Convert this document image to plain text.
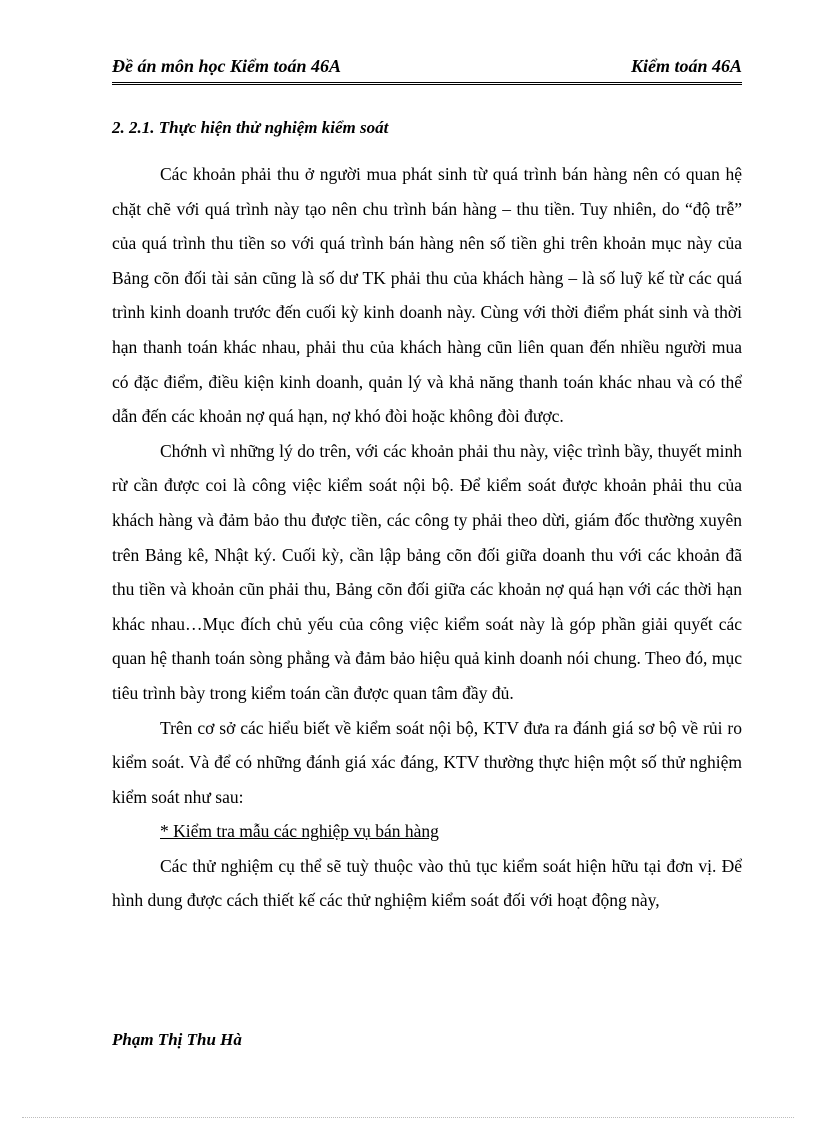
Đề án môn học Kiểm toán 46A	Kiểm toán 46A
2. 2.1. Thực hiện thử nghiệm kiểm soát

Các khoản phải thu ở người mua phát sinh từ quá trình bán hàng nên có quan hệ chặt chẽ với quá trình này tạo nên chu trình bán hàng – thu tiền. Tuy nhiên, do “độ trễ” của quá trình thu tiền so với quá trình bán hàng nên số tiền ghi trên khoản mục này của Bảng cõn đối tài sản cũng là số dư TK phải thu của khách hàng – là số luỹ kế từ các quá trình kinh doanh trước đến cuối kỳ kinh doanh này. Cùng với thời điểm phát sinh và thời hạn thanh toán khác nhau, phải thu của khách hàng cũn liên quan đến nhiều người mua có đặc điểm, điều kiện kinh doanh, quản lý và khả năng thanh toán khác nhau và có thể dẫn đến các khoản nợ quá hạn, nợ khó đòi hoặc không đòi được.

Chớnh vì những lý do trên, với các khoản phải thu này, việc trình bầy, thuyết minh rừ cần được coi là công việc kiểm soát nội bộ. Để kiểm soát được khoản phải thu của khách hàng và đảm bảo thu được tiền, các công ty phải theo dừi, giám đốc thường xuyên trên Bảng kê, Nhật ký. Cuối kỳ, cần lập bảng cõn đối giữa doanh thu với các khoản đã thu tiền và khoản cũn phải thu, Bảng cõn đối giữa các khoản nợ quá hạn với các thời hạn khác nhau…Mục đích chủ yếu của công việc kiểm soát này là góp phần giải quyết các quan hệ thanh toán sòng phẳng và đảm bảo hiệu quả kinh doanh nói chung. Theo đó, mục tiêu trình bày trong kiểm toán cần được quan tâm đầy đủ.

Trên cơ sở các hiểu biết về kiểm soát nội bộ, KTV đưa ra đánh giá sơ bộ về rủi ro kiểm soát. Và để có những đánh giá xác đáng, KTV thường thực hiện một số thử nghiệm kiểm soát như sau:

* Kiểm tra mẫu các nghiệp vụ bán hàng

Các thử nghiệm cụ thể sẽ tuỳ thuộc vào thủ tục kiểm soát hiện hữu tại đơn vị. Để hình dung được cách thiết kế các thử nghiệm kiểm soát đối với hoạt động này,

Phạm Thị Thu Hà
